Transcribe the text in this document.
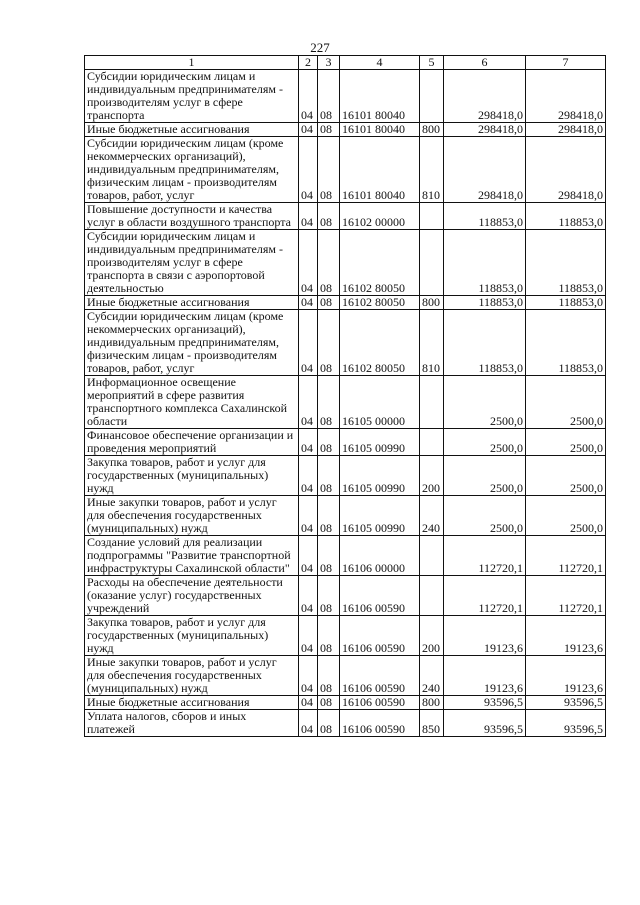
227
1	2	3	4	5	6	7
Субсидии юридическим лицам и индивидуальным предпринимателям - производителям услуг в сфере транспорта	04	08	16101 80040		298418,0	298418,0
Иные бюджетные ассигнования	04	08	16101 80040	800	298418,0	298418,0
Субсидии юридическим лицам (кроме некоммерческих организаций), индивидуальным предпринимателям, физическим лицам - производителям товаров, работ, услуг	04	08	16101 80040	810	298418,0	298418,0
Повышение доступности и качества услуг в области воздушного транспорта	04	08	16102 00000		118853,0	118853,0
Субсидии юридическим лицам и индивидуальным предпринимателям - производителям услуг в сфере транспорта в связи с аэропортовой деятельностью	04	08	16102 80050		118853,0	118853,0
Иные бюджетные ассигнования	04	08	16102 80050	800	118853,0	118853,0
Субсидии юридическим лицам (кроме некоммерческих организаций), индивидуальным предпринимателям, физическим лицам - производителям товаров, работ, услуг	04	08	16102 80050	810	118853,0	118853,0
Информационное освещение мероприятий в сфере развития транспортного комплекса Сахалинской области	04	08	16105 00000		2500,0	2500,0
Финансовое обеспечение организации и проведения мероприятий	04	08	16105 00990		2500,0	2500,0
Закупка товаров, работ и услуг для государственных (муниципальных) нужд	04	08	16105 00990	200	2500,0	2500,0
Иные закупки товаров, работ и услуг для обеспечения государственных (муниципальных) нужд	04	08	16105 00990	240	2500,0	2500,0
Создание условий для реализации подпрограммы "Развитие транспортной инфраструктуры Сахалинской области"	04	08	16106 00000		112720,1	112720,1
Расходы на обеспечение деятельности (оказание услуг) государственных учреждений	04	08	16106 00590		112720,1	112720,1
Закупка товаров, работ и услуг для государственных (муниципальных) нужд	04	08	16106 00590	200	19123,6	19123,6
Иные закупки товаров, работ и услуг для обеспечения государственных (муниципальных) нужд	04	08	16106 00590	240	19123,6	19123,6
Иные бюджетные ассигнования	04	08	16106 00590	800	93596,5	93596,5
Уплата налогов, сборов и иных платежей	04	08	16106 00590	850	93596,5	93596,5
